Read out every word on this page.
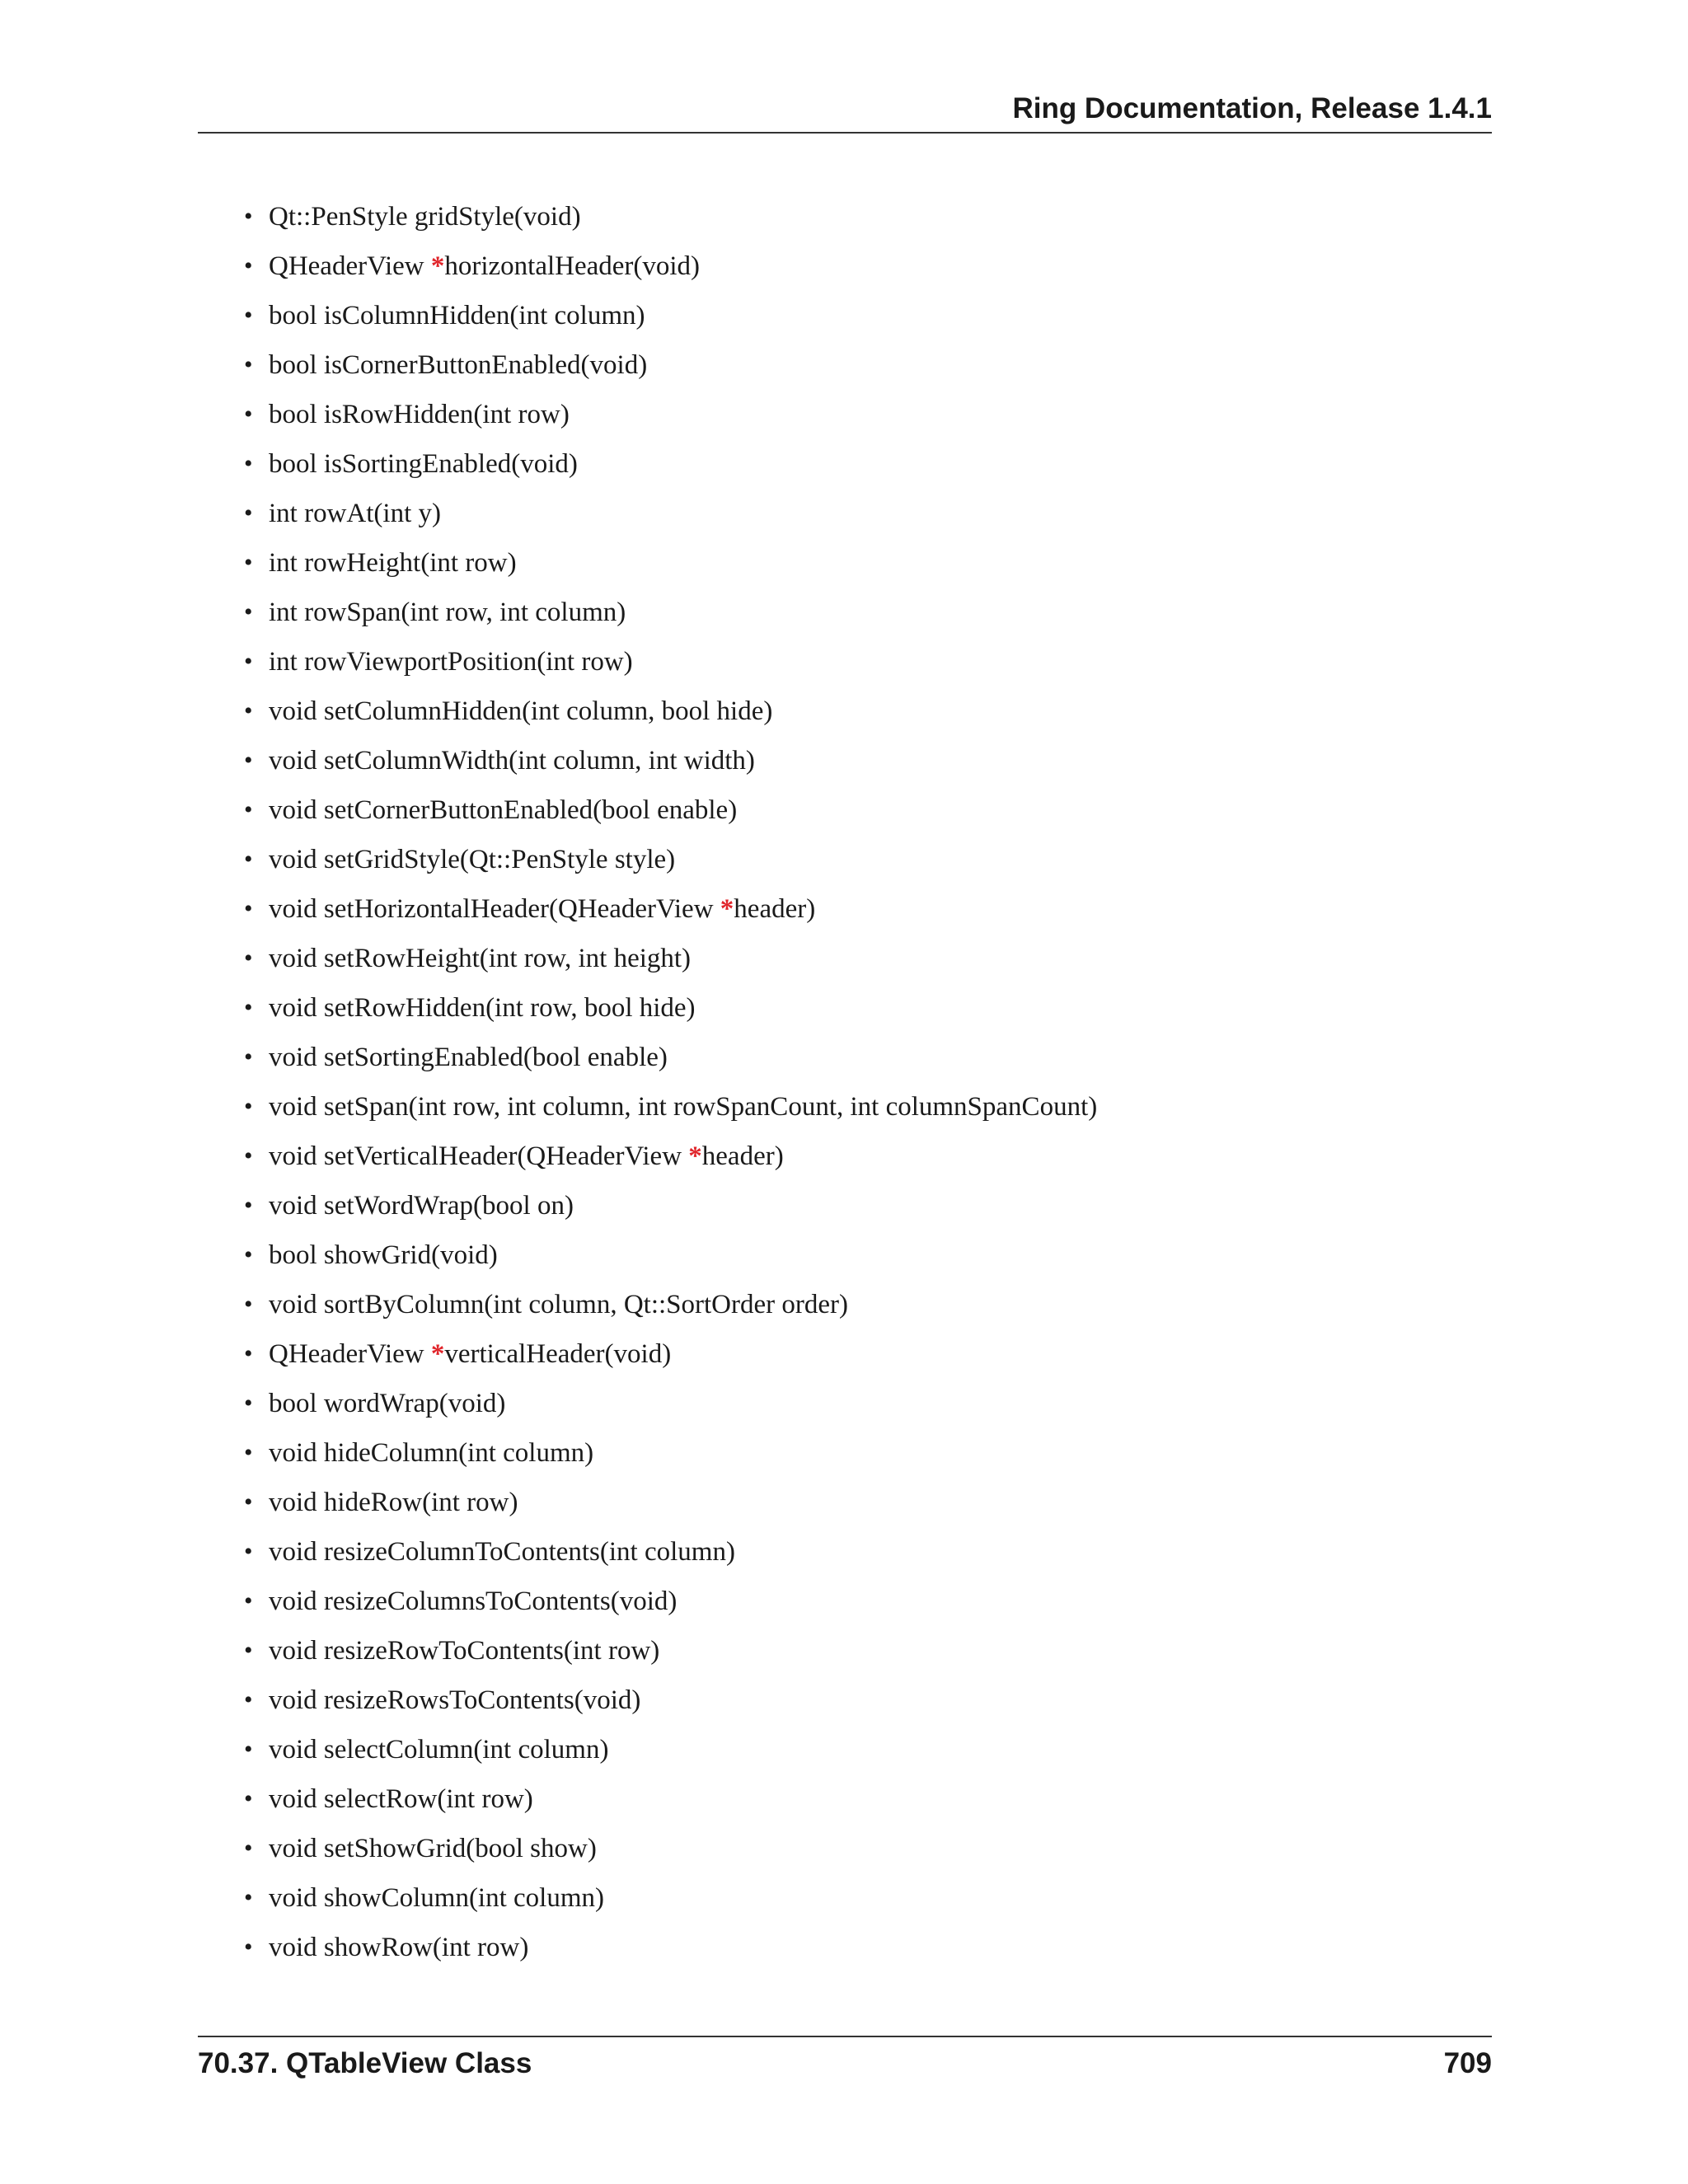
Ring Documentation, Release 1.4.1
• Qt::PenStyle gridStyle(void)
• QHeaderView *horizontalHeader(void)
• bool isColumnHidden(int column)
• bool isCornerButtonEnabled(void)
• bool isRowHidden(int row)
• bool isSortingEnabled(void)
• int rowAt(int y)
• int rowHeight(int row)
• int rowSpan(int row, int column)
• int rowViewportPosition(int row)
• void setColumnHidden(int column, bool hide)
• void setColumnWidth(int column, int width)
• void setCornerButtonEnabled(bool enable)
• void setGridStyle(Qt::PenStyle style)
• void setHorizontalHeader(QHeaderView *header)
• void setRowHeight(int row, int height)
• void setRowHidden(int row, bool hide)
• void setSortingEnabled(bool enable)
• void setSpan(int row, int column, int rowSpanCount, int columnSpanCount)
• void setVerticalHeader(QHeaderView *header)
• void setWordWrap(bool on)
• bool showGrid(void)
• void sortByColumn(int column, Qt::SortOrder order)
• QHeaderView *verticalHeader(void)
• bool wordWrap(void)
• void hideColumn(int column)
• void hideRow(int row)
• void resizeColumnToContents(int column)
• void resizeColumnsToContents(void)
• void resizeRowToContents(int row)
• void resizeRowsToContents(void)
• void selectColumn(int column)
• void selectRow(int row)
• void setShowGrid(bool show)
• void showColumn(int column)
• void showRow(int row)
70.37. QTableView Class	709
